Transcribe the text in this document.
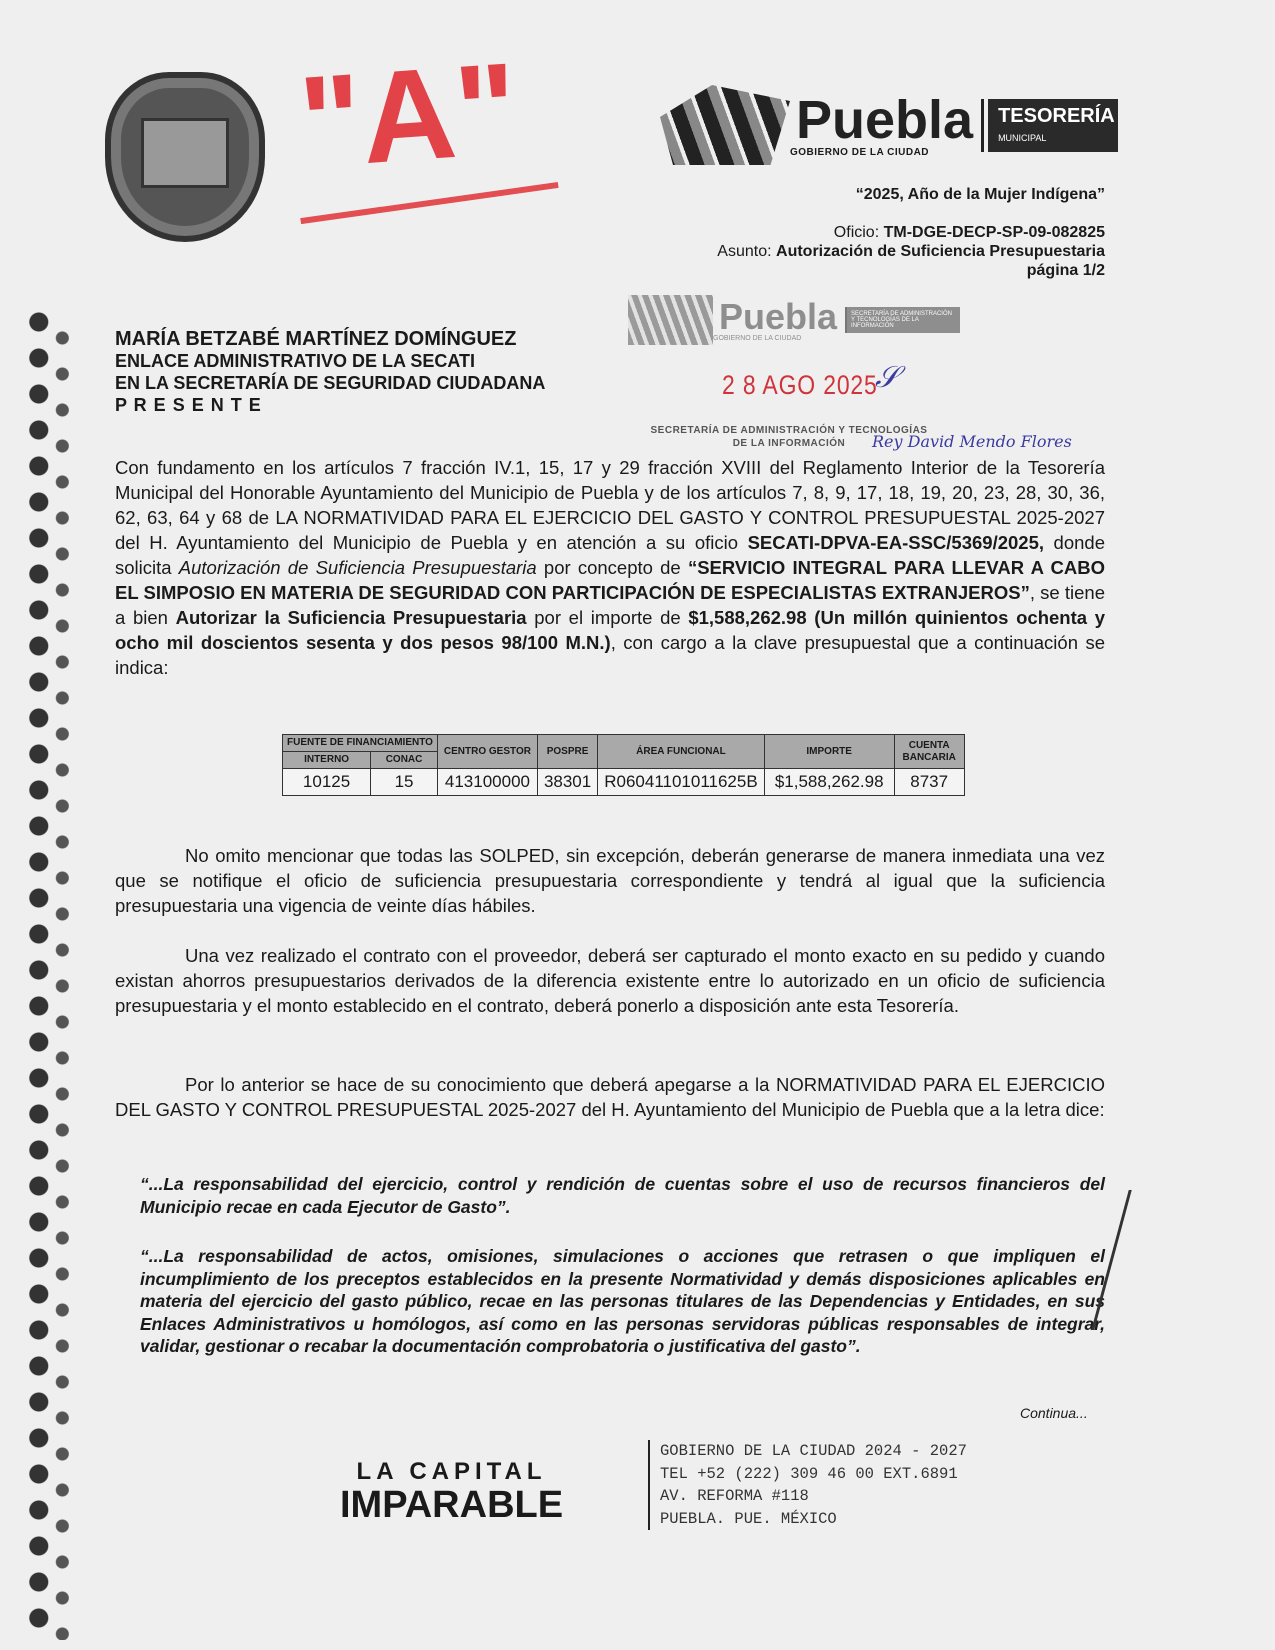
"A"	Puebla
GOBIERNO DE LA CIUDAD
TESORERÍA
MUNICIPAL
“2025, Año de la Mujer Indígena”
Oficio: TM-DGE-DECP-SP-09-082825
Asunto: Autorización de Suficiencia Presupuestaria
página 1/2
Puebla
GOBIERNO DE LA CIUDAD
SECRETARÍA DE ADMINISTRACIÓN Y TECNOLOGÍAS DE LA INFORMACIÓN
2 8 AGO 2025
𝒮
SECRETARÍA DE ADMINISTRACIÓN Y TECNOLOGÍAS
DE LA INFORMACIÓN	Rey David Mendo Flores
MARÍA BETZABÉ MARTÍNEZ DOMÍNGUEZ
ENLACE ADMINISTRATIVO DE LA SECATI
EN LA SECRETARÍA DE SEGURIDAD CIUDADANA
P R E S E N T E
Con fundamento en los artículos 7 fracción IV.1, 15, 17 y 29 fracción XVIII del Reglamento Interior de la Tesorería Municipal del Honorable Ayuntamiento del Municipio de Puebla y de los artículos 7, 8, 9, 17, 18, 19, 20, 23, 28, 30, 36, 62, 63, 64 y 68 de LA NORMATIVIDAD PARA EL EJERCICIO DEL GASTO Y CONTROL PRESUPUESTAL 2025-2027 del H. Ayuntamiento del Municipio de Puebla y en atención a su oficio SECATI-DPVA-EA-SSC/5369/2025, donde solicita Autorización de Suficiencia Presupuestaria por concepto de “SERVICIO INTEGRAL PARA LLEVAR A CABO EL SIMPOSIO EN MATERIA DE SEGURIDAD CON PARTICIPACIÓN DE ESPECIALISTAS EXTRANJEROS”, se tiene a bien Autorizar la Suficiencia Presupuestaria por el importe de $1,588,262.98 (Un millón quinientos ochenta y ocho mil doscientos sesenta y dos pesos 98/100 M.N.), con cargo a la clave presupuestal que a continuación se indica:
FUENTE DE FINANCIAMIENTO		CENTRO GESTOR	POSPRE	ÁREA FUNCIONAL	IMPORTE	CUENTA BANCARIA
INTERNO	CONAC					
10125	15	413100000	38301	R06041101011625B	$1,588,262.98	8737
No omito mencionar que todas las SOLPED, sin excepción, deberán generarse de manera inmediata una vez que se notifique el oficio de suficiencia presupuestaria correspondiente y tendrá al igual que la suficiencia presupuestaria una vigencia de veinte días hábiles.
Una vez realizado el contrato con el proveedor, deberá ser capturado el monto exacto en su pedido y cuando existan ahorros presupuestarios derivados de la diferencia existente entre lo autorizado en un oficio de suficiencia presupuestaria y el monto establecido en el contrato, deberá ponerlo a disposición ante esta Tesorería.
Por lo anterior se hace de su conocimiento que deberá apegarse a la NORMATIVIDAD PARA EL EJERCICIO DEL GASTO Y CONTROL PRESUPUESTAL 2025-2027 del H. Ayuntamiento del Municipio de Puebla que a la letra dice:
“...La responsabilidad del ejercicio, control y rendición de cuentas sobre el uso de recursos financieros del Municipio recae en cada Ejecutor de Gasto”.
“...La responsabilidad de actos, omisiones, simulaciones o acciones que retrasen o que impliquen el incumplimiento de los preceptos establecidos en la presente Normatividad y demás disposiciones aplicables en materia del ejercicio del gasto público, recae en las personas titulares de las Dependencias y Entidades, en sus Enlaces Administrativos u homólogos, así como en las personas servidoras públicas responsables de integrar, validar, gestionar o recabar la documentación comprobatoria o justificativa del gasto”.
Continua...
LA CAPITAL
IMPARABLE
GOBIERNO DE LA CIUDAD 2024 - 2027
TEL +52 (222) 309 46 00 EXT.6891
AV. REFORMA #118
PUEBLA. PUE. MÉXICO
